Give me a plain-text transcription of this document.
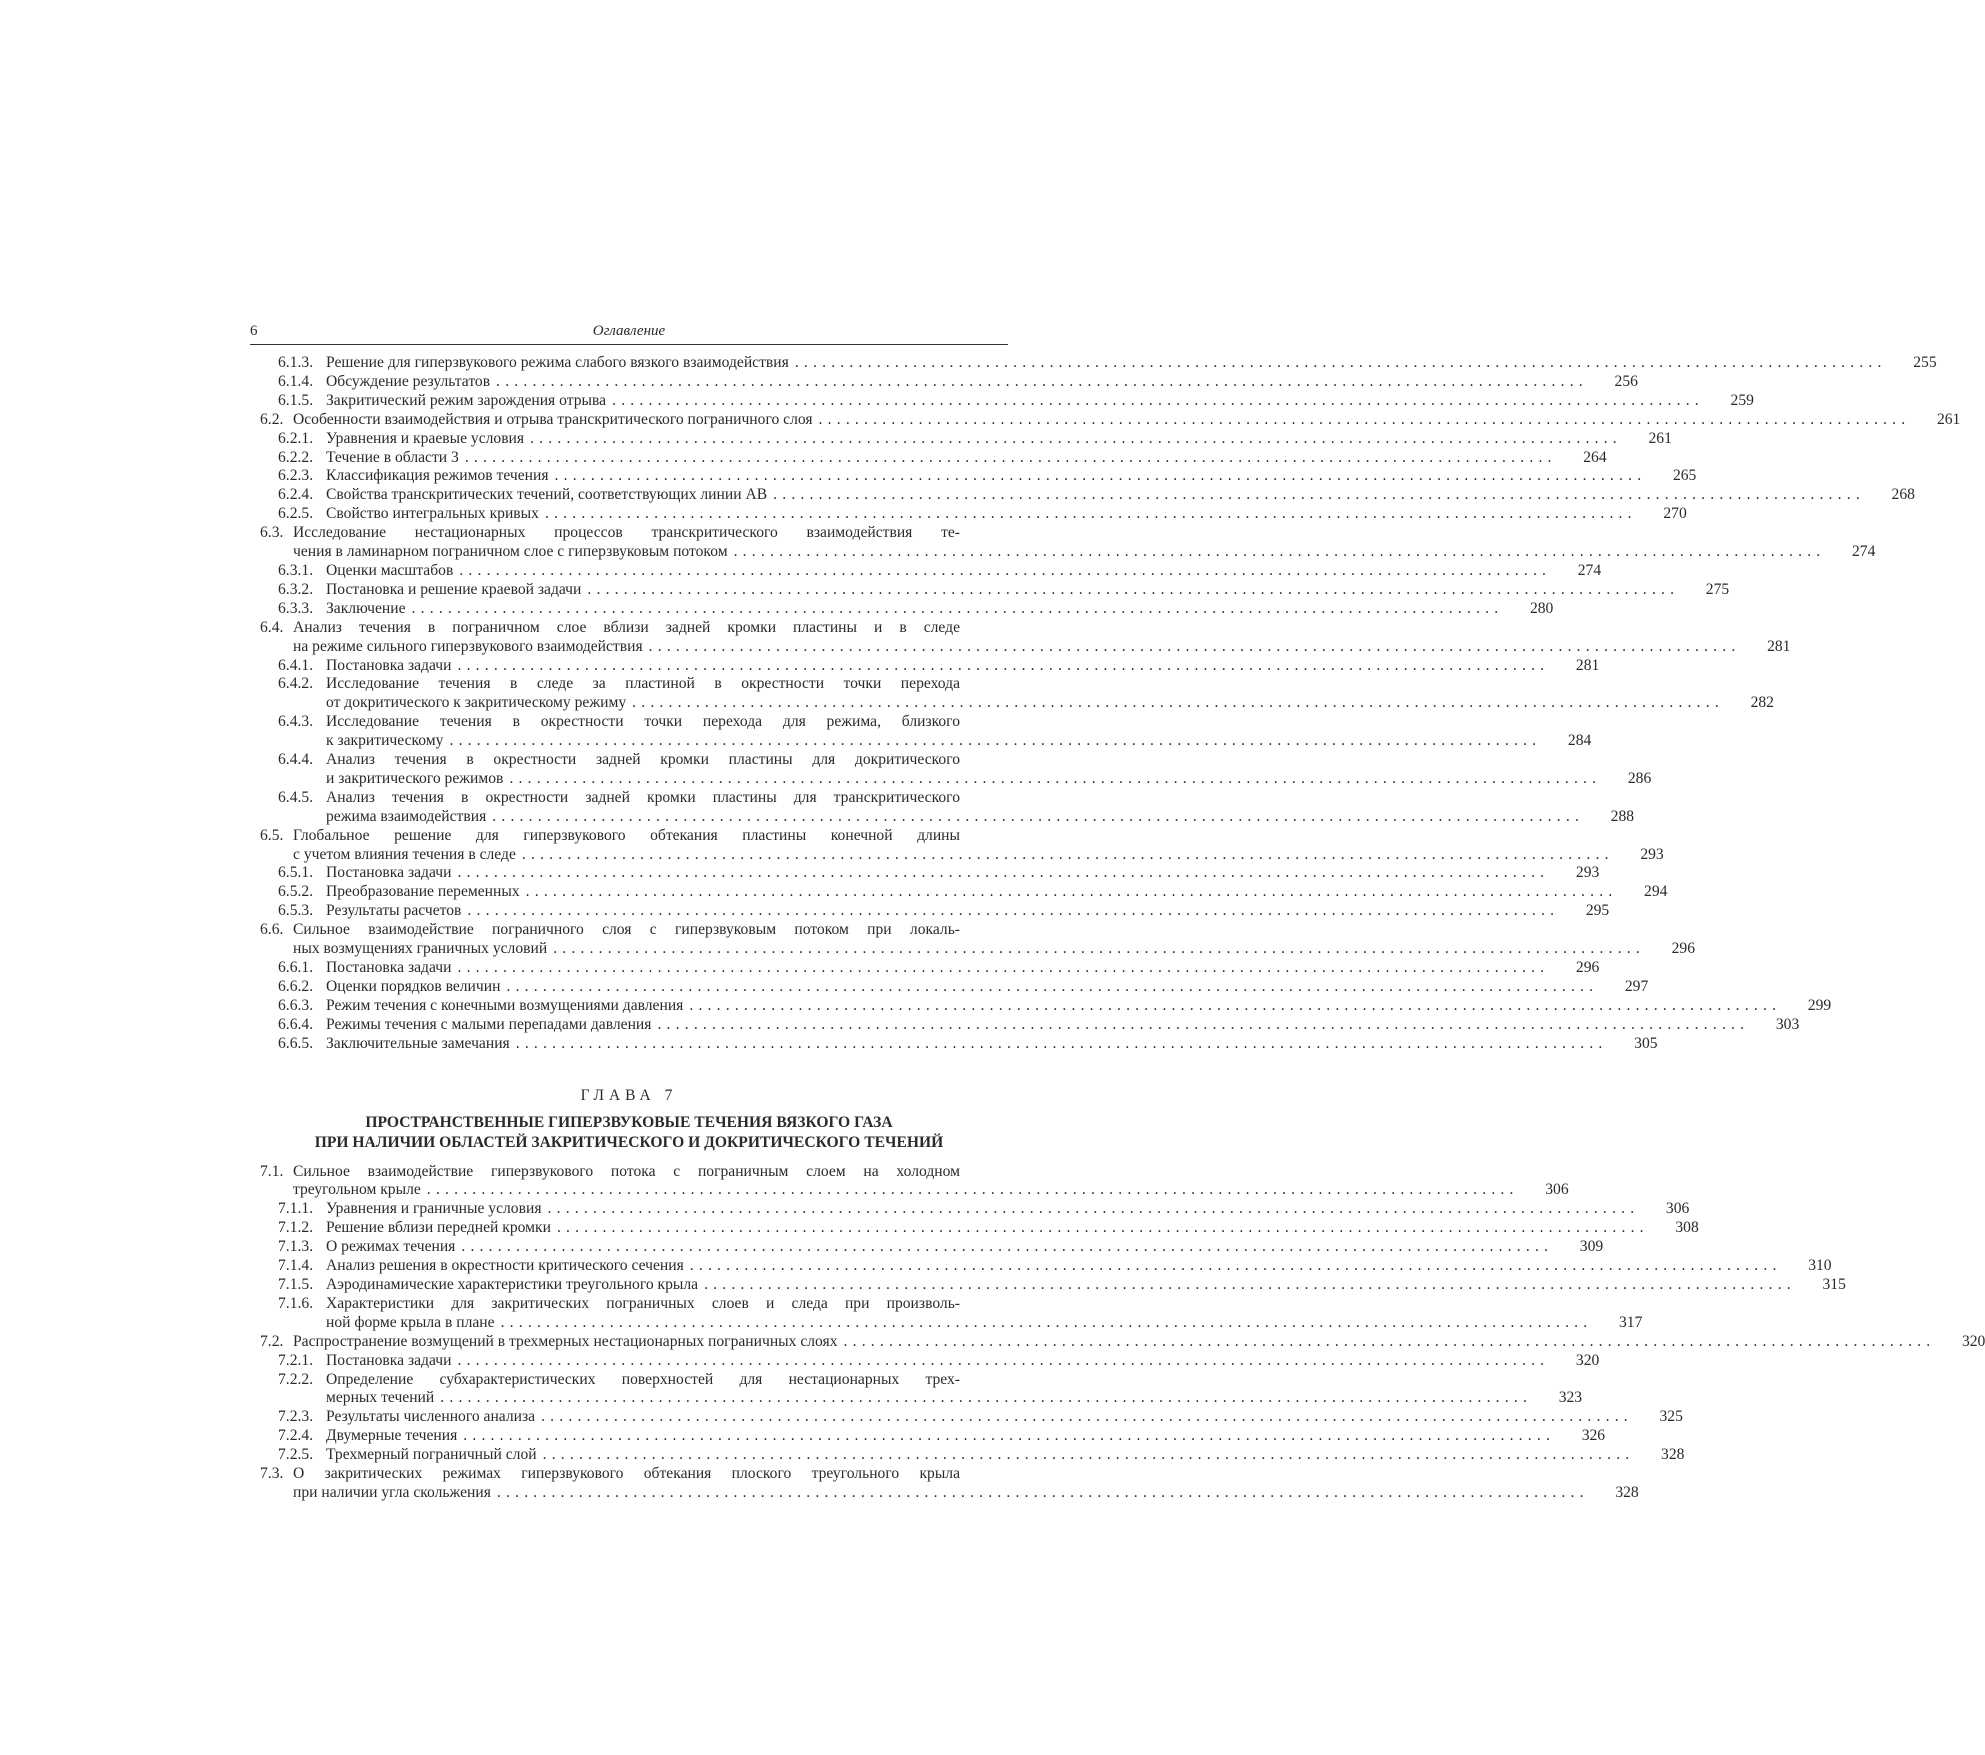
6	Оглавление
6.1.3. Решение для гиперзвукового режима слабого вязкого взаимодействия ........................................................................................................................	255
6.1.4. Обсуждение результатов ........................................................................................................................	256
6.1.5. Закритический режим зарождения отрыва ........................................................................................................................	259
6.2. Особенности взаимодействия и отрыва транскритического пограничного слоя ........................................................................................................................	261
6.2.1. Уравнения и краевые условия ........................................................................................................................	261
6.2.2. Течение в области 3 ........................................................................................................................	264
6.2.3. Классификация режимов течения ........................................................................................................................	265
6.2.4. Свойства транскритических течений, соответствующих линии AB ........................................................................................................................	268
6.2.5. Свойство интегральных кривых ........................................................................................................................	270
6.3. Исследование нестационарных процессов транскритического взаимодействия те-
чения в ламинарном пограничном слое с гиперзвуковым потоком ........................................................................................................................	274
6.3.1. Оценки масштабов ........................................................................................................................	274
6.3.2. Постановка и решение краевой задачи ........................................................................................................................	275
6.3.3. Заключение ........................................................................................................................	280
6.4. Анализ течения в пограничном слое вблизи задней кромки пластины и в следе
на режиме сильного гиперзвукового взаимодействия ........................................................................................................................	281
6.4.1. Постановка задачи ........................................................................................................................	281
6.4.2. Исследование течения в следе за пластиной в окрестности точки перехода
от докритического к закритическому режиму ........................................................................................................................	282
6.4.3. Исследование течения в окрестности точки перехода для режима, близкого
к закритическому ........................................................................................................................	284
6.4.4. Анализ течения в окрестности задней кромки пластины для докритического
и закритического режимов ........................................................................................................................	286
6.4.5. Анализ течения в окрестности задней кромки пластины для транскритического
режима взаимодействия ........................................................................................................................	288
6.5. Глобальное решение для гиперзвукового обтекания пластины конечной длины
с учетом влияния течения в следе ........................................................................................................................	293
6.5.1. Постановка задачи ........................................................................................................................	293
6.5.2. Преобразование переменных ........................................................................................................................	294
6.5.3. Результаты расчетов ........................................................................................................................	295
6.6. Сильное взаимодействие пограничного слоя с гиперзвуковым потоком при локаль-
ных возмущениях граничных условий ........................................................................................................................	296
6.6.1. Постановка задачи ........................................................................................................................	296
6.6.2. Оценки порядков величин ........................................................................................................................	297
6.6.3. Режим течения с конечными возмущениями давления ........................................................................................................................	299
6.6.4. Режимы течения с малыми перепадами давления ........................................................................................................................	303
6.6.5. Заключительные замечания ........................................................................................................................	305
ГЛАВА 7
ПРОСТРАНСТВЕННЫЕ ГИПЕРЗВУКОВЫЕ ТЕЧЕНИЯ ВЯЗКОГО ГАЗА
ПРИ НАЛИЧИИ ОБЛАСТЕЙ ЗАКРИТИЧЕСКОГО И ДОКРИТИЧЕСКОГО ТЕЧЕНИЙ
7.1. Сильное взаимодействие гиперзвукового потока с пограничным слоем на холодном
треугольном крыле ........................................................................................................................	306
7.1.1. Уравнения и граничные условия ........................................................................................................................	306
7.1.2. Решение вблизи передней кромки ........................................................................................................................	308
7.1.3. О режимах течения ........................................................................................................................	309
7.1.4. Анализ решения в окрестности критического сечения ........................................................................................................................	310
7.1.5. Аэродинамические характеристики треугольного крыла ........................................................................................................................	315
7.1.6. Характеристики для закритических пограничных слоев и следа при произволь-
ной форме крыла в плане ........................................................................................................................	317
7.2. Распространение возмущений в трехмерных нестационарных пограничных слоях ........................................................................................................................	320
7.2.1. Постановка задачи ........................................................................................................................	320
7.2.2. Определение субхарактеристических поверхностей для нестационарных трех-
мерных течений ........................................................................................................................	323
7.2.3. Результаты численного анализа ........................................................................................................................	325
7.2.4. Двумерные течения ........................................................................................................................	326
7.2.5. Трехмерный пограничный слой ........................................................................................................................	328
7.3. О закритических режимах гиперзвукового обтекания плоского треугольного крыла
при наличии угла скольжения ........................................................................................................................	328
